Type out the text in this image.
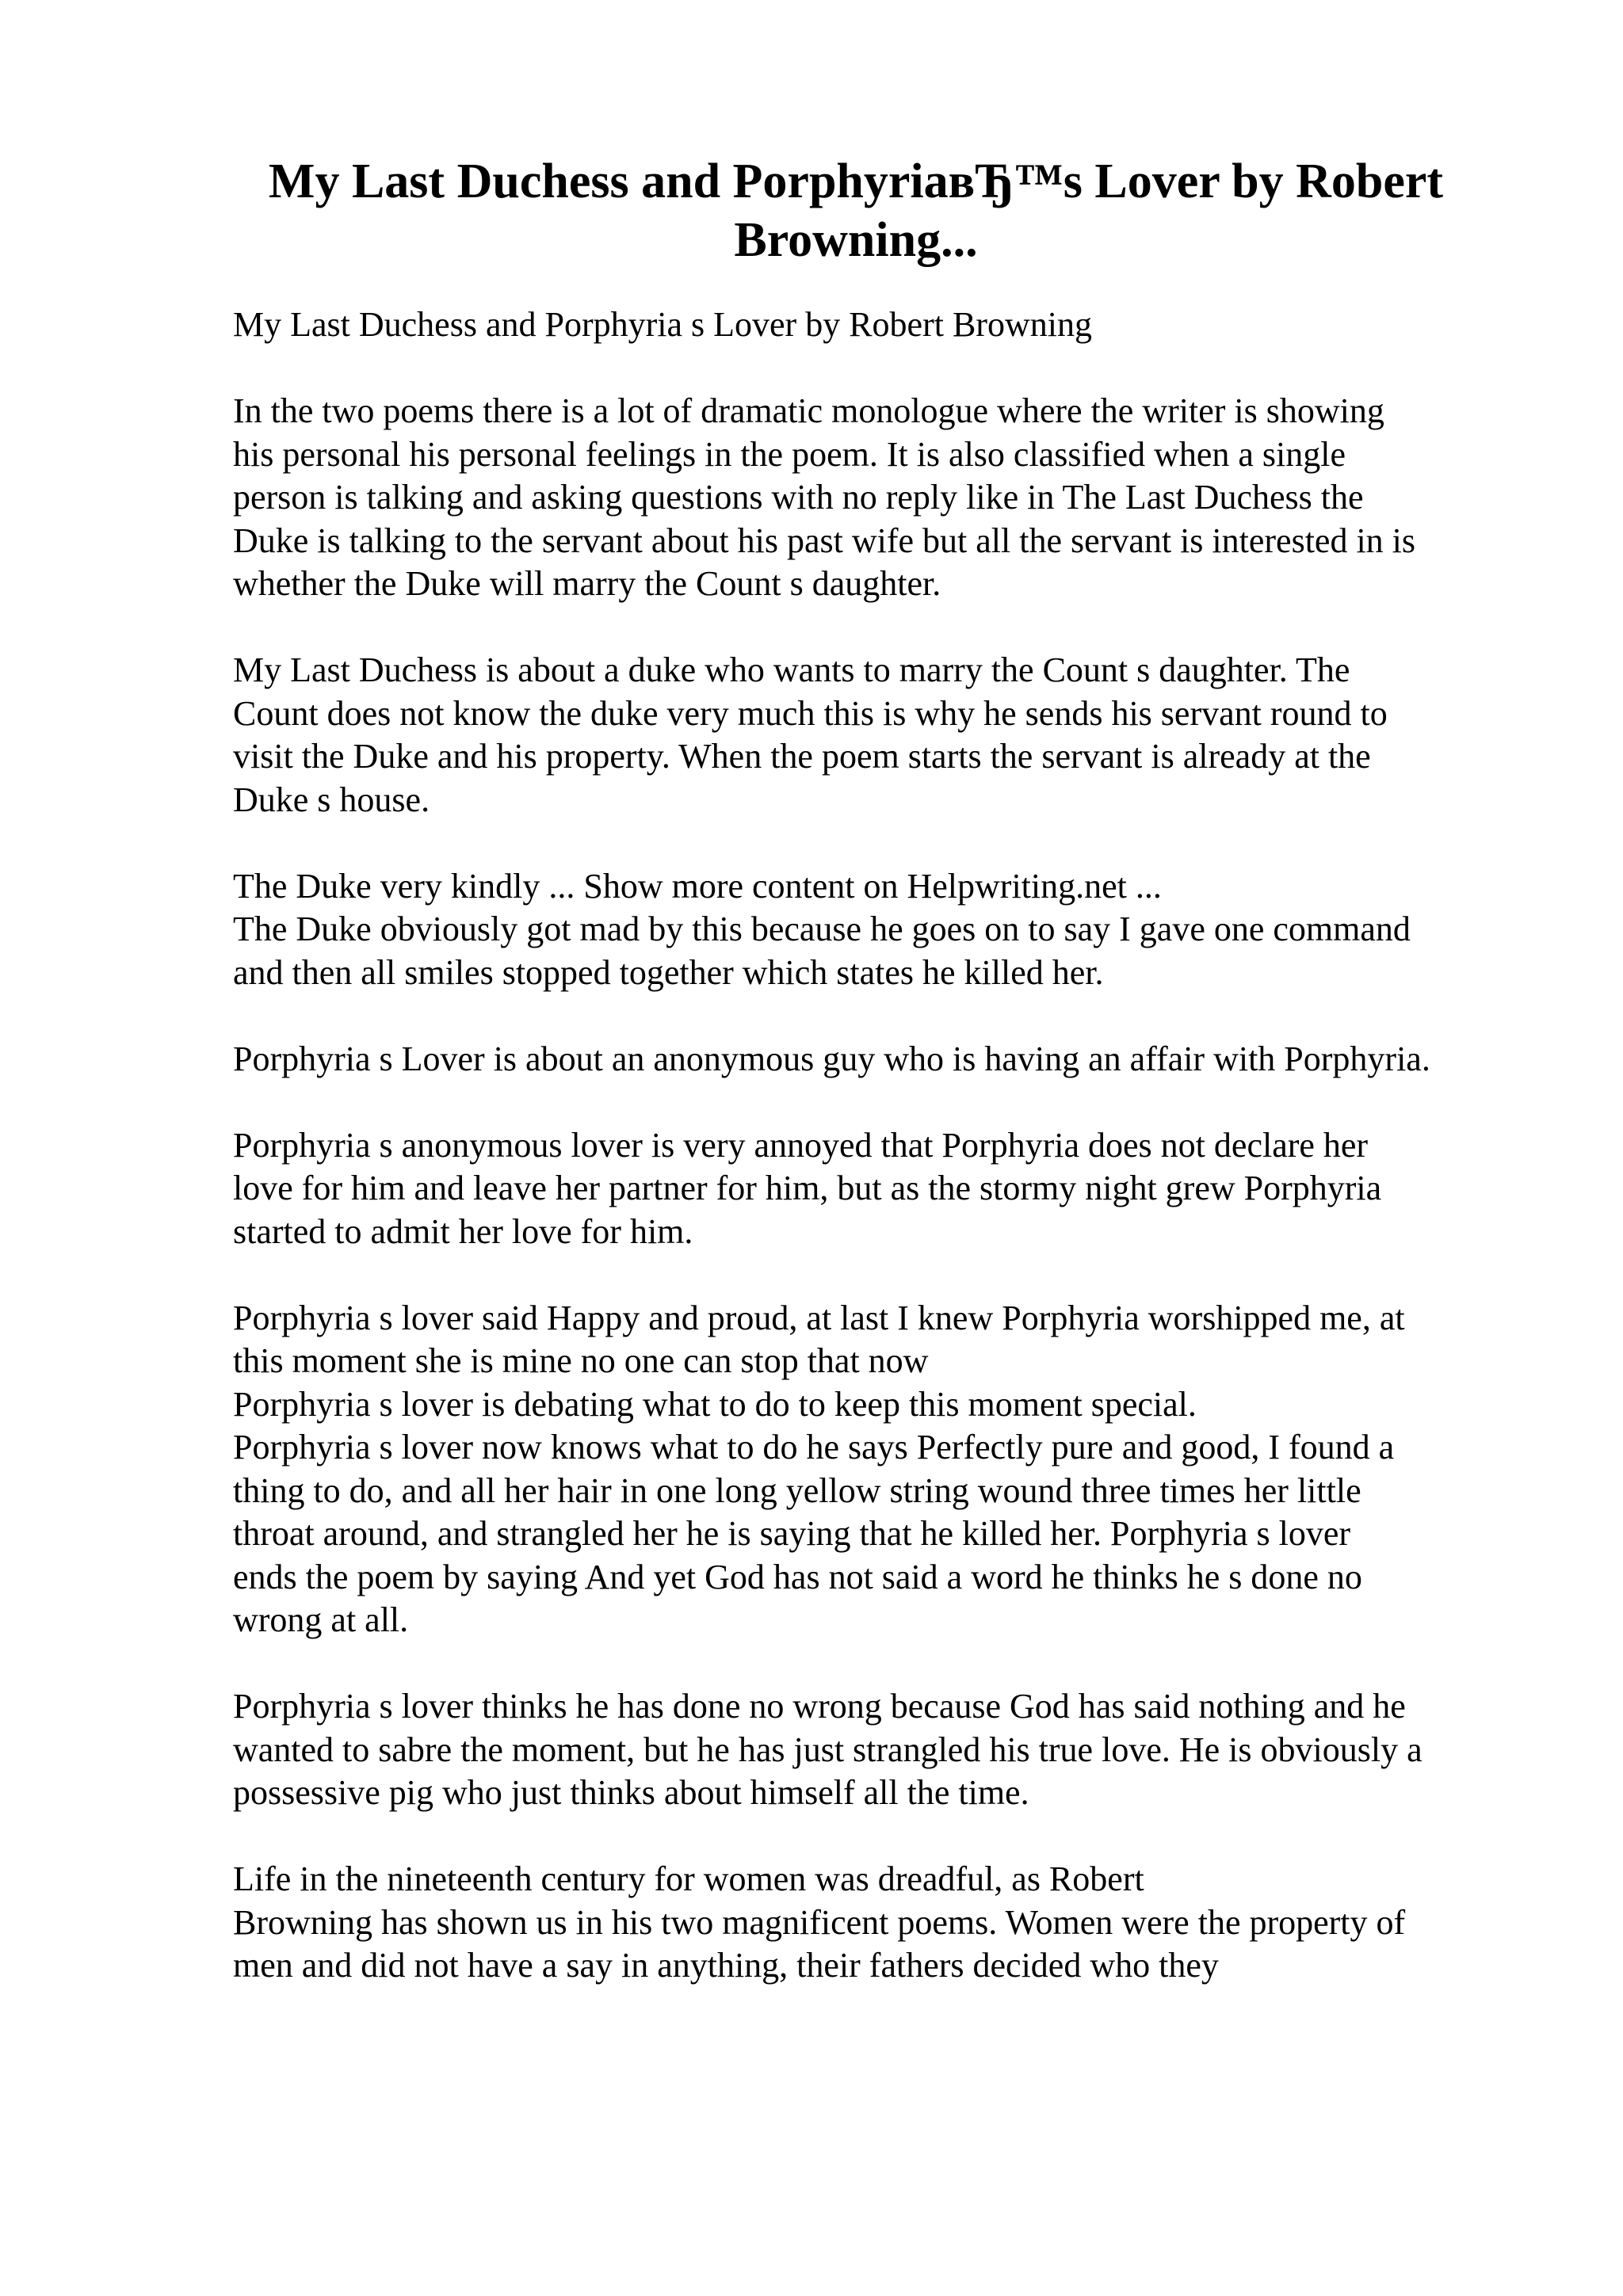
My Last Duchess and PorphyriaвЂ™s Lover by Robert
Browning...

My Last Duchess and Porphyria s Lover by Robert Browning

In the two poems there is a lot of dramatic monologue where the writer is showing
his personal his personal feelings in the poem. It is also classified when a single
person is talking and asking questions with no reply like in The Last Duchess the
Duke is talking to the servant about his past wife but all the servant is interested in is
whether the Duke will marry the Count s daughter.

My Last Duchess is about a duke who wants to marry the Count s daughter. The
Count does not know the duke very much this is why he sends his servant round to
visit the Duke and his property. When the poem starts the servant is already at the
Duke s house.

The Duke very kindly ... Show more content on Helpwriting.net ...
The Duke obviously got mad by this because he goes on to say I gave one command
and then all smiles stopped together which states he killed her.

Porphyria s Lover is about an anonymous guy who is having an affair with Porphyria.

Porphyria s anonymous lover is very annoyed that Porphyria does not declare her
love for him and leave her partner for him, but as the stormy night grew Porphyria
started to admit her love for him.

Porphyria s lover said Happy and proud, at last I knew Porphyria worshipped me, at
this moment she is mine no one can stop that now
Porphyria s lover is debating what to do to keep this moment special.
Porphyria s lover now knows what to do he says Perfectly pure and good, I found a
thing to do, and all her hair in one long yellow string wound three times her little
throat around, and strangled her he is saying that he killed her. Porphyria s lover
ends the poem by saying And yet God has not said a word he thinks he s done no
wrong at all.

Porphyria s lover thinks he has done no wrong because God has said nothing and he
wanted to sabre the moment, but he has just strangled his true love. He is obviously a
possessive pig who just thinks about himself all the time.

Life in the nineteenth century for women was dreadful, as Robert
Browning has shown us in his two magnificent poems. Women were the property of
men and did not have a say in anything, their fathers decided who they
